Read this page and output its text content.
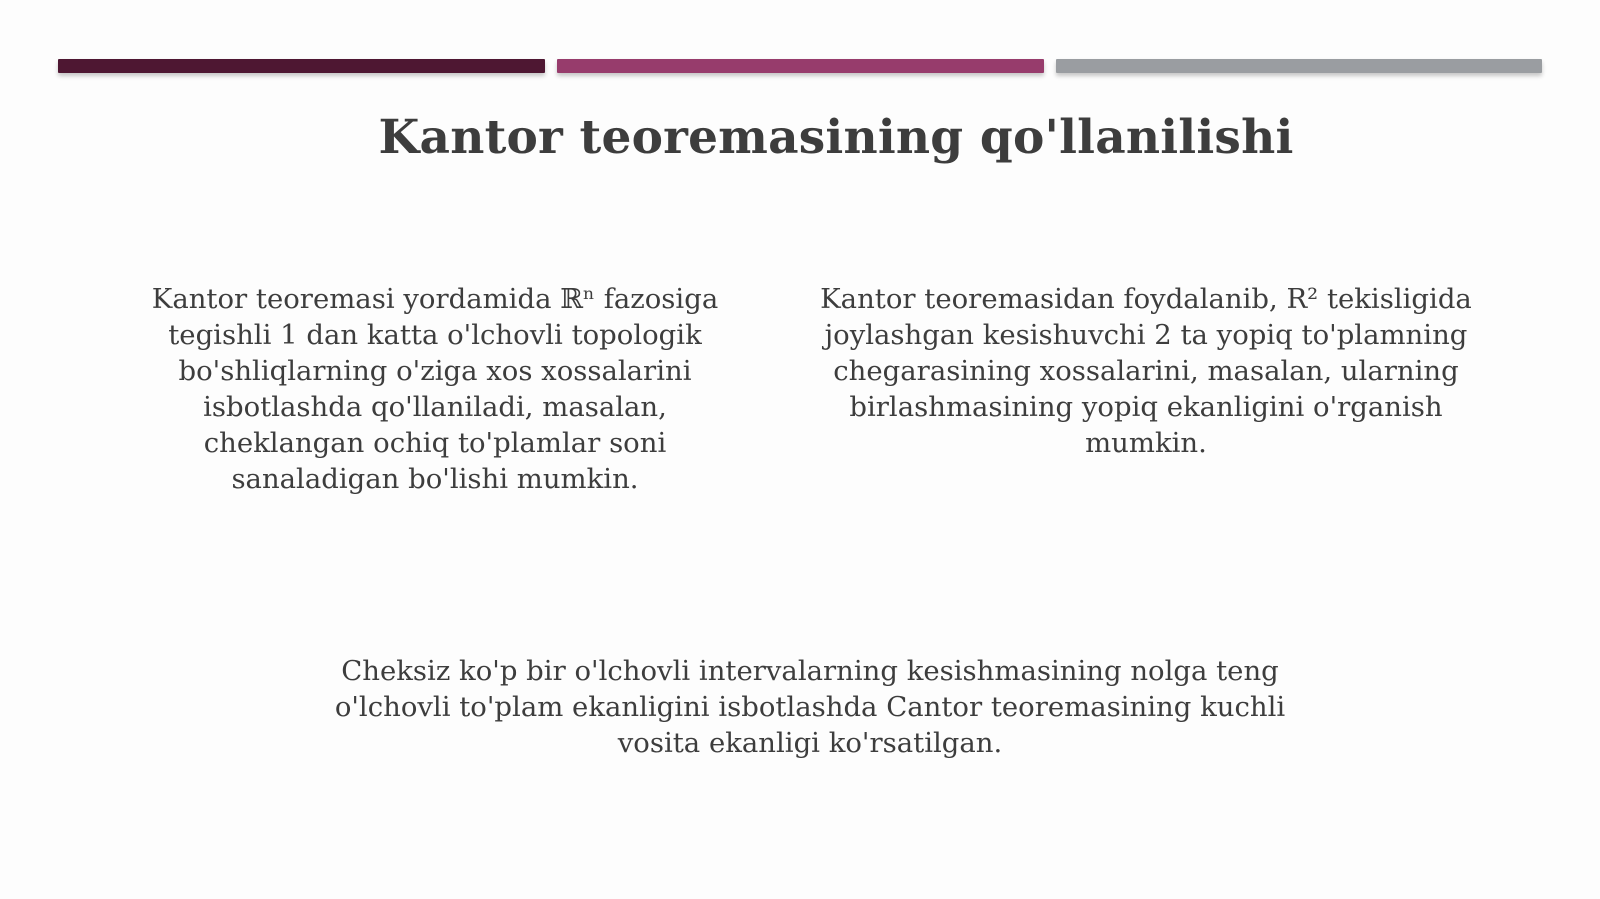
Kantor teoremasining qo'llanilishi
Kantor teoremasi yordamida ℝⁿ fazosiga tegishli 1 dan katta o'lchovli topologik bo'shliqlarning o'ziga xos xossalarini isbotlashda qo'llaniladi, masalan, cheklangan ochiq to'plamlar soni sanaladigan bo'lishi mumkin.
Kantor teoremasidan foydalanib, R² tekisligida joylashgan kesishuvchi 2 ta yopiq to'plamning chegarasining xossalarini, masalan, ularning birlashmasining yopiq ekanligini o'rganish mumkin.
Cheksiz ko'p bir o'lchovli intervalarning kesishmasining nolga teng o'lchovli to'plam ekanligini isbotlashda Cantor teoremasining kuchli vosita ekanligi ko'rsatilgan.
